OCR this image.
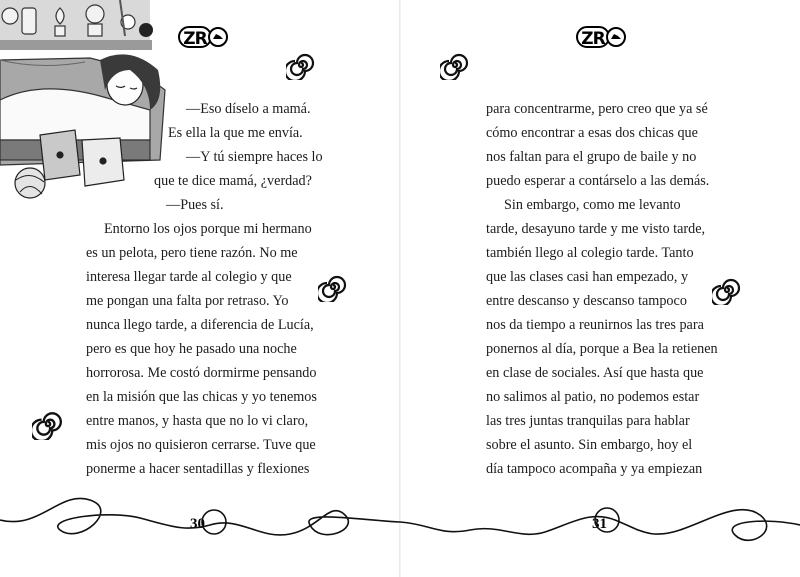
ZR
—Eso díselo a mamá.
Es ella la que me envía.
—Y tú siempre haces lo
que te dice mamá, ¿verdad?
—Pues sí.
Entorno los ojos porque mi hermano
es un pelota, pero tiene razón. No me
interesa llegar tarde al colegio y que
me pongan una falta por retraso. Yo
nunca llego tarde, a diferencia de Lucía,
pero es que hoy he pasado una noche
horrorosa. Me costó dormirme pensando
en la misión que las chicas y yo tenemos
entre manos, y hasta que no lo vi claro,
mis ojos no quisieron cerrarse. Tuve que
ponerme a hacer sentadillas y flexiones
30
ZR
para concentrarme, pero creo que ya sé
cómo encontrar a esas dos chicas que
nos faltan para el grupo de baile y no
puedo esperar a contárselo a las demás.
Sin embargo, como me levanto
tarde, desayuno tarde y me visto tarde,
también llego al colegio tarde. Tanto
que las clases casi han empezado, y
entre descanso y descanso tampoco
nos da tiempo a reunirnos las tres para
ponernos al día, porque a Bea la retienen
en clase de sociales. Así que hasta que
no salimos al patio, no podemos estar
las tres juntas tranquilas para hablar
sobre el asunto. Sin embargo, hoy el
día tampoco acompaña y ya empiezan
31
